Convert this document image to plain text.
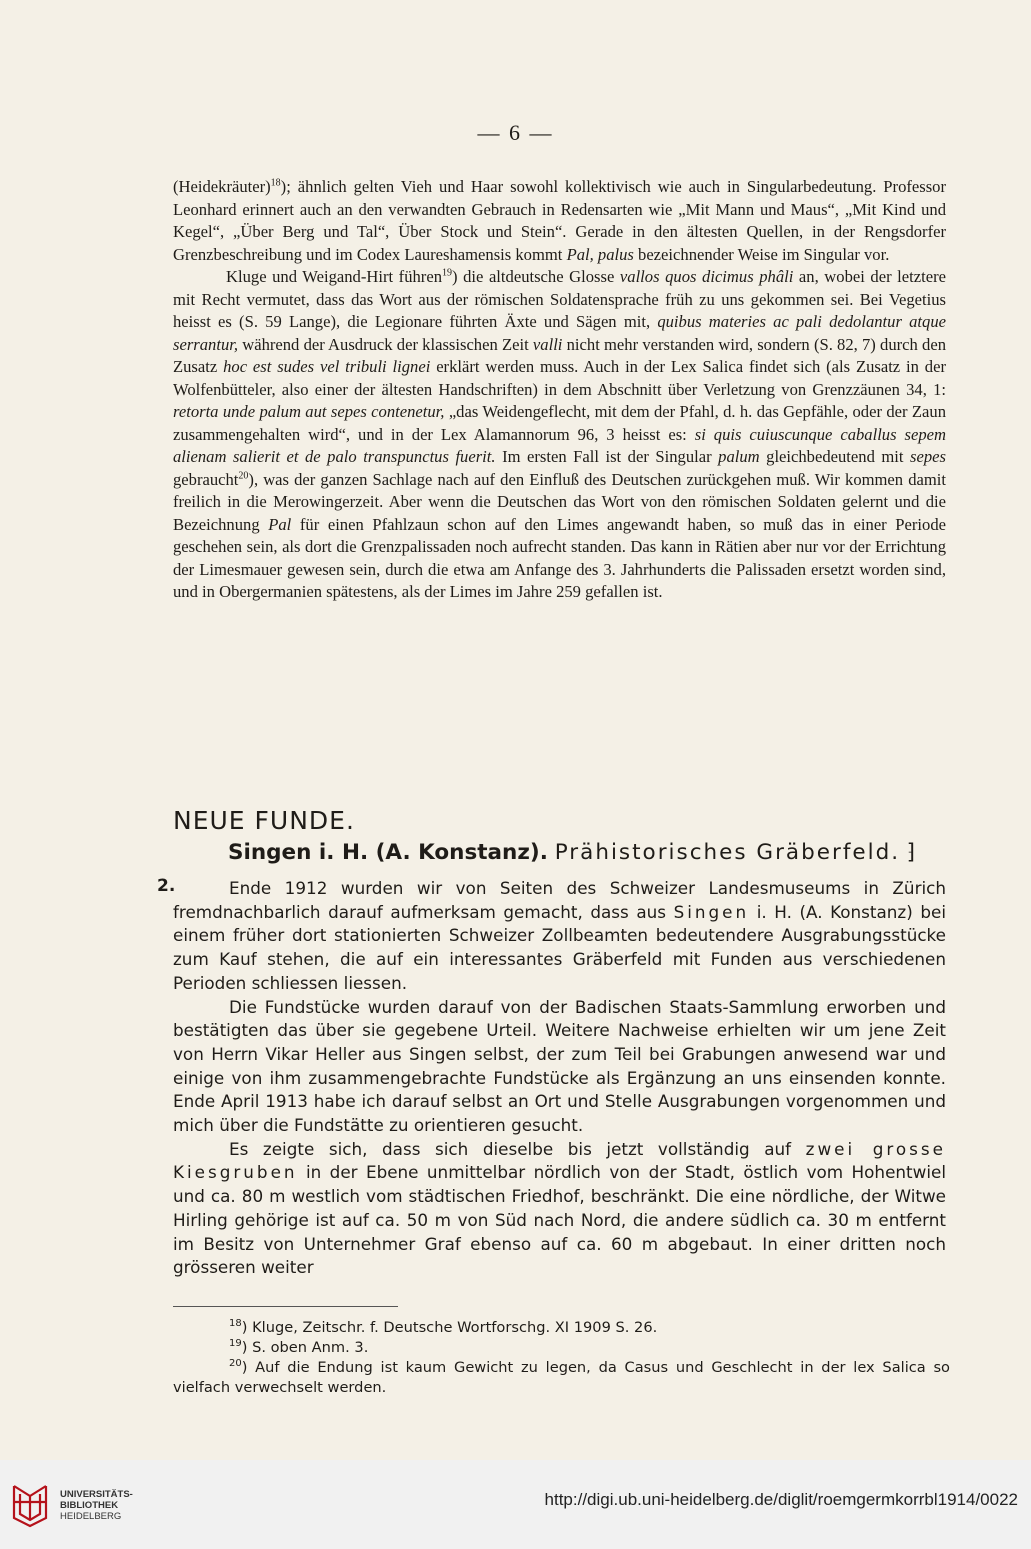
— 6 —

(Heidekräuter)$^{18}$); ähnlich gelten Vieh und Haar sowohl kollektivisch wie auch in Singularbedeutung. Professor Leonhard erinnert auch an den verwandten Gebrauch in Redensarten wie „Mit Mann und Maus“, „Mit Kind und Kegel“, „Über Berg und Tal“, Über Stock und Stein“. Gerade in den ältesten Quellen, in der Rengsdorfer Grenzbeschreibung und im Codex Laureshamensis kommt Pal, palus bezeichnender Weise im Singular vor.

Kluge und Weigand-Hirt führen$^{19}$) die altdeutsche Glosse vallos quos dicimus phâli an, wobei der letztere mit Recht vermutet, dass das Wort aus der römischen Soldatensprache früh zu uns gekommen sei. Bei Vegetius heisst es (S. 59 Lange), die Legionare führten Äxte und Sägen mit, quibus materies ac pali dedolantur atque serrantur, während der Ausdruck der klassischen Zeit valli nicht mehr verstanden wird, sondern (S. 82, 7) durch den Zusatz hoc est sudes vel tribuli lignei erklärt werden muss. Auch in der Lex Salica findet sich (als Zusatz in der Wolfenbütteler, also einer der ältesten Handschriften) in dem Abschnitt über Verletzung von Grenzzäunen 34, 1: retorta unde palum aut sepes contenetur, „das Weidengeflecht, mit dem der Pfahl, d. h. das Gepfähle, oder der Zaun zusammengehalten wird“, und in der Lex Alamannorum 96, 3 heisst es: si quis cuiuscunque caballus sepem alienam salierit et de palo transpunctus fuerit. Im ersten Fall ist der Singular palum gleichbedeutend mit sepes gebraucht$^{20}$), was der ganzen Sachlage nach auf den Einfluß des Deutschen zurückgehen muß. Wir kommen damit freilich in die Merowingerzeit. Aber wenn die Deutschen das Wort von den römischen Soldaten gelernt und die Bezeichnung Pal für einen Pfahlzaun schon auf den Limes angewandt haben, so muß das in einer Periode geschehen sein, als dort die Grenzpalissaden noch aufrecht standen. Das kann in Rätien aber nur vor der Errichtung der Limesmauer gewesen sein, durch die etwa am Anfange des 3. Jahrhunderts die Palissaden ersetzt worden sind, und in Obergermanien spätestens, als der Limes im Jahre 259 gefallen ist.

NEUE FUNDE.
Singen i. H. (A. Konstanz). Prähistorisches Gräberfeld. ⁆
2.	Ende 1912 wurden wir von Seiten des Schweizer Landesmuseums in Zürich fremdnachbarlich darauf aufmerksam gemacht, dass aus Singen i. H. (A. Konstanz) bei einem früher dort stationierten Schweizer Zollbeamten bedeutendere Ausgrabungsstücke zum Kauf stehen, die auf ein interessantes Gräberfeld mit Funden aus verschiedenen Perioden schliessen liessen.

Die Fundstücke wurden darauf von der Badischen Staats-Sammlung erworben und bestätigten das über sie gegebene Urteil. Weitere Nachweise erhielten wir um jene Zeit von Herrn Vikar Heller aus Singen selbst, der zum Teil bei Grabungen anwesend war und einige von ihm zusammengebrachte Fundstücke als Ergänzung an uns einsenden konnte. Ende April 1913 habe ich darauf selbst an Ort und Stelle Ausgrabungen vorgenommen und mich über die Fundstätte zu orientieren gesucht.

Es zeigte sich, dass sich dieselbe bis jetzt vollständig auf zwei grosse Kiesgruben in der Ebene unmittelbar nördlich von der Stadt, östlich vom Hohentwiel und ca. 80 m westlich vom städtischen Friedhof, beschränkt. Die eine nördliche, der Witwe Hirling gehörige ist auf ca. 50 m von Süd nach Nord, die andere südlich ca. 30 m entfernt im Besitz von Unternehmer Graf ebenso auf ca. 60 m abgebaut. In einer dritten noch grösseren weiter

$^{18}$) Kluge, Zeitschr. f. Deutsche Wortforschg. XI 1909 S. 26.

$^{19}$) S. oben Anm. 3.

$^{20}$) Auf die Endung ist kaum Gewicht zu legen, da Casus und Geschlecht in der lex Salica so vielfach verwechselt werden.

UNIVERSITÄTS-
BIBLIOTHEK
HEIDELBERG
http://digi.ub.uni-heidelberg.de/diglit/roemgermkorrbl1914/0022
